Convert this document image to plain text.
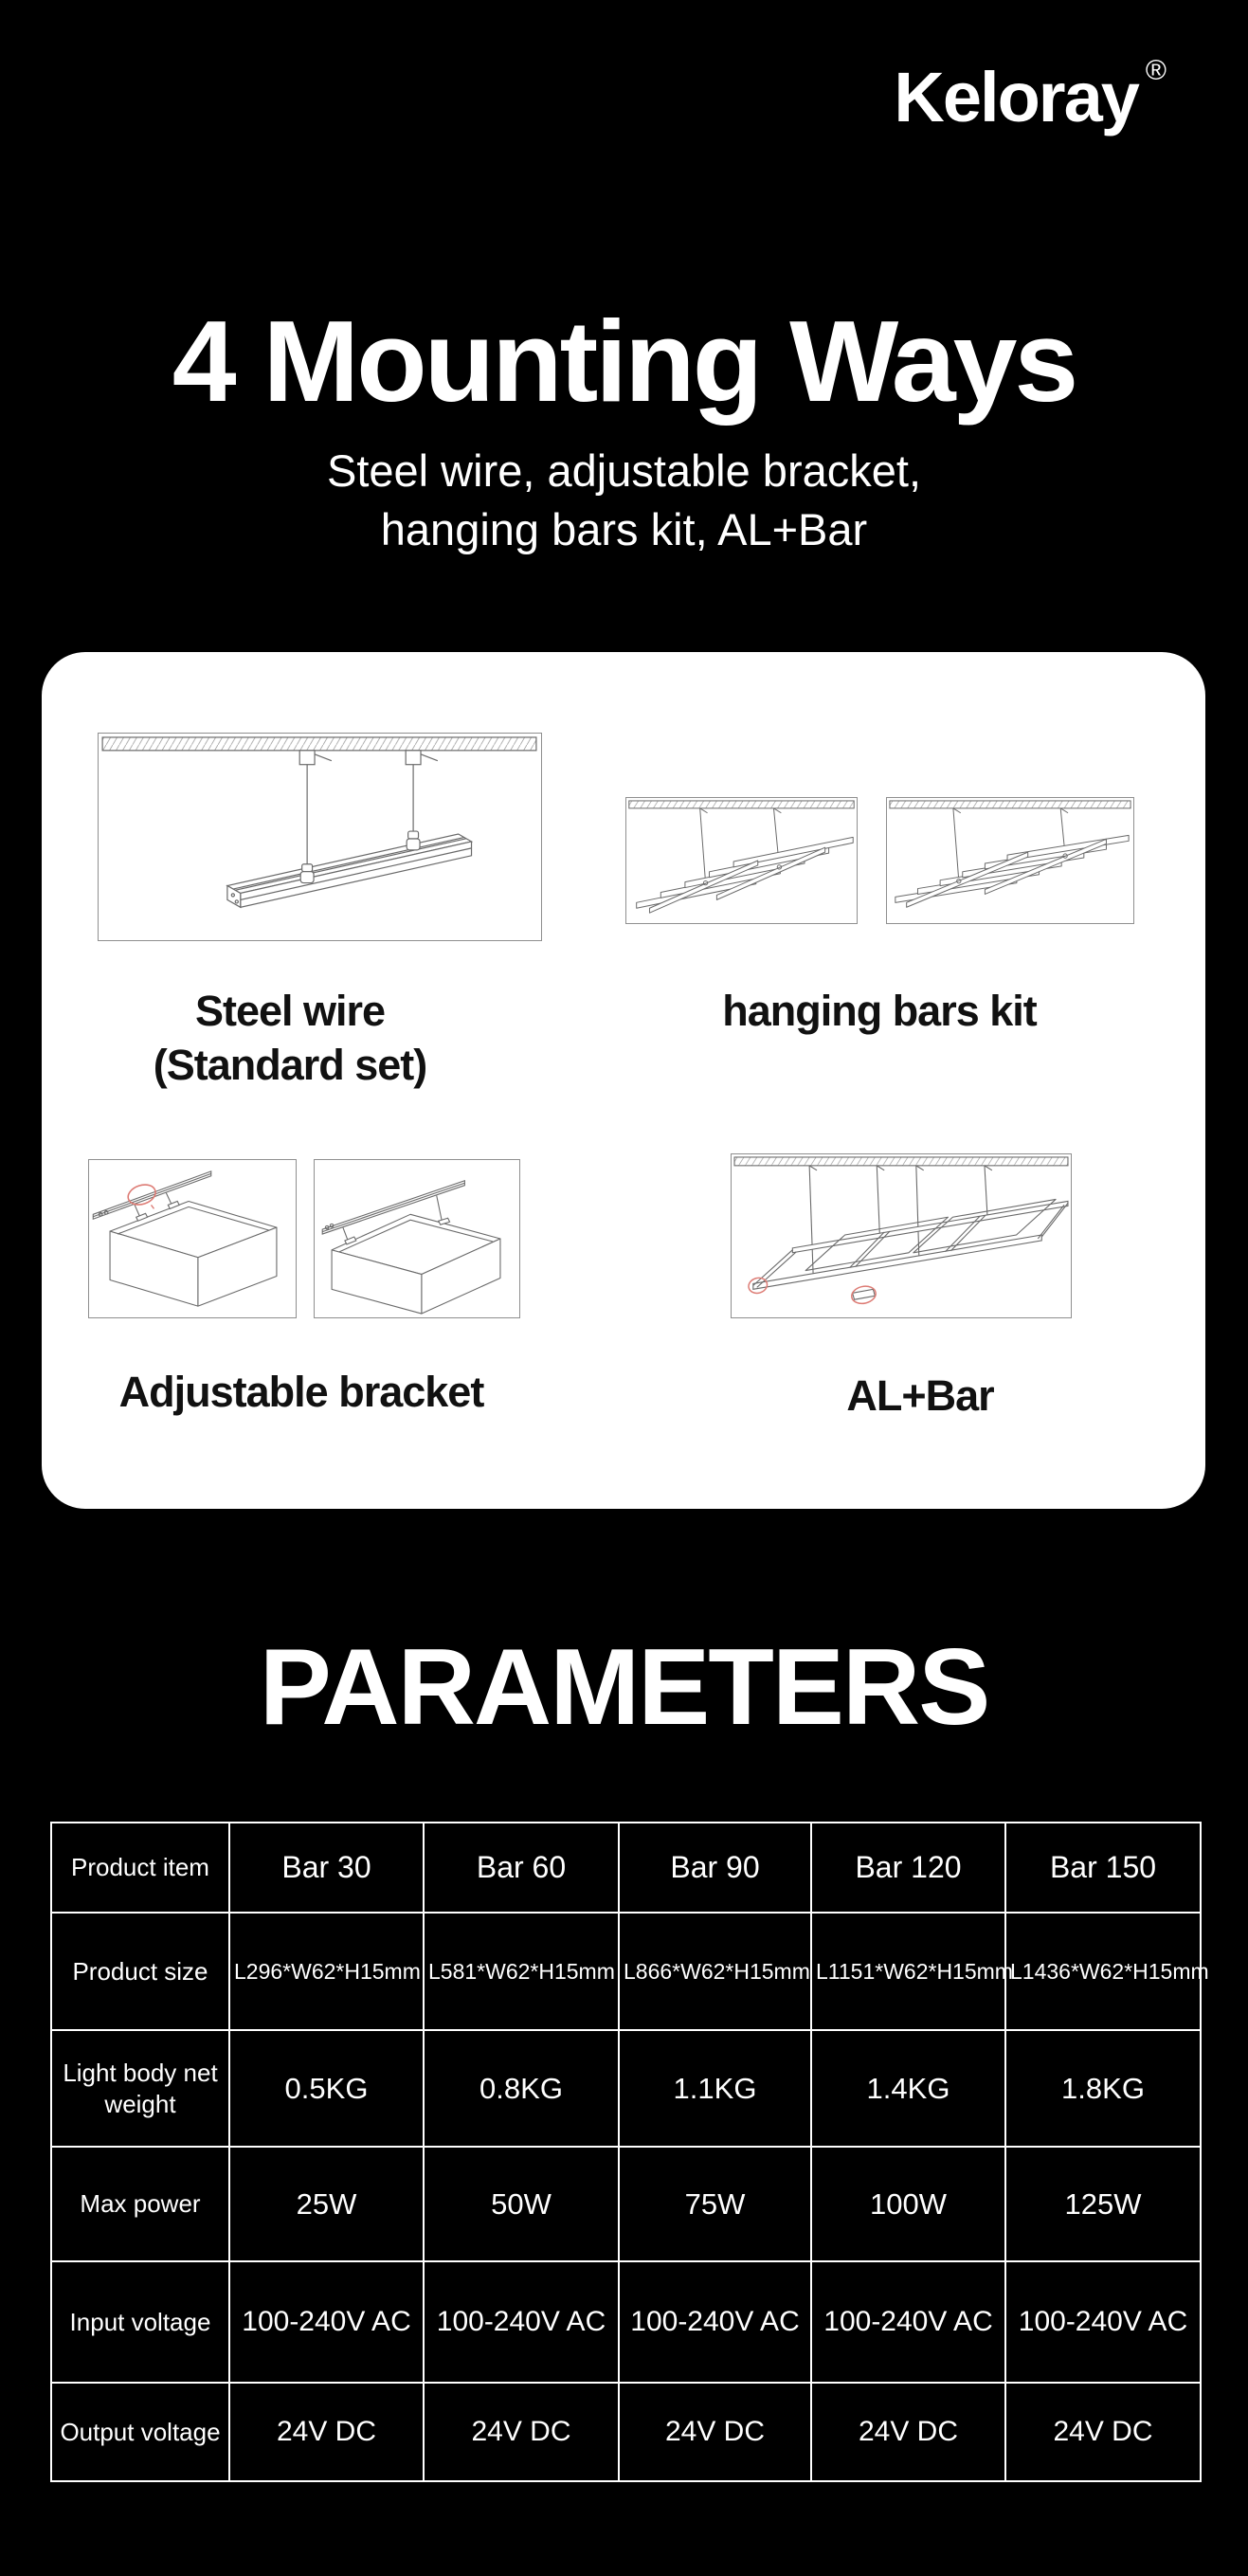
Keloray ®
4 Mounting Ways
Steel wire, adjustable bracket,
hanging bars kit, AL+Bar
Steel wire
(Standard set)
hanging bars kit
Adjustable bracket	AL+Bar
PARAMETERS
Product item	Bar 30	Bar 60	Bar 90	Bar 120	Bar 150
Product size	L296*W62*H15mm	L581*W62*H15mm	L866*W62*H15mm	L1151*W62*H15mm	L1436*W62*H15mm
Light body net weight	0.5KG	0.8KG	1.1KG	1.4KG	1.8KG
Max power	25W	50W	75W	100W	125W
Input voltage	100-240V AC	100-240V AC	100-240V AC	100-240V AC	100-240V AC
Output voltage	24V DC	24V DC	24V DC	24V DC	24V DC
